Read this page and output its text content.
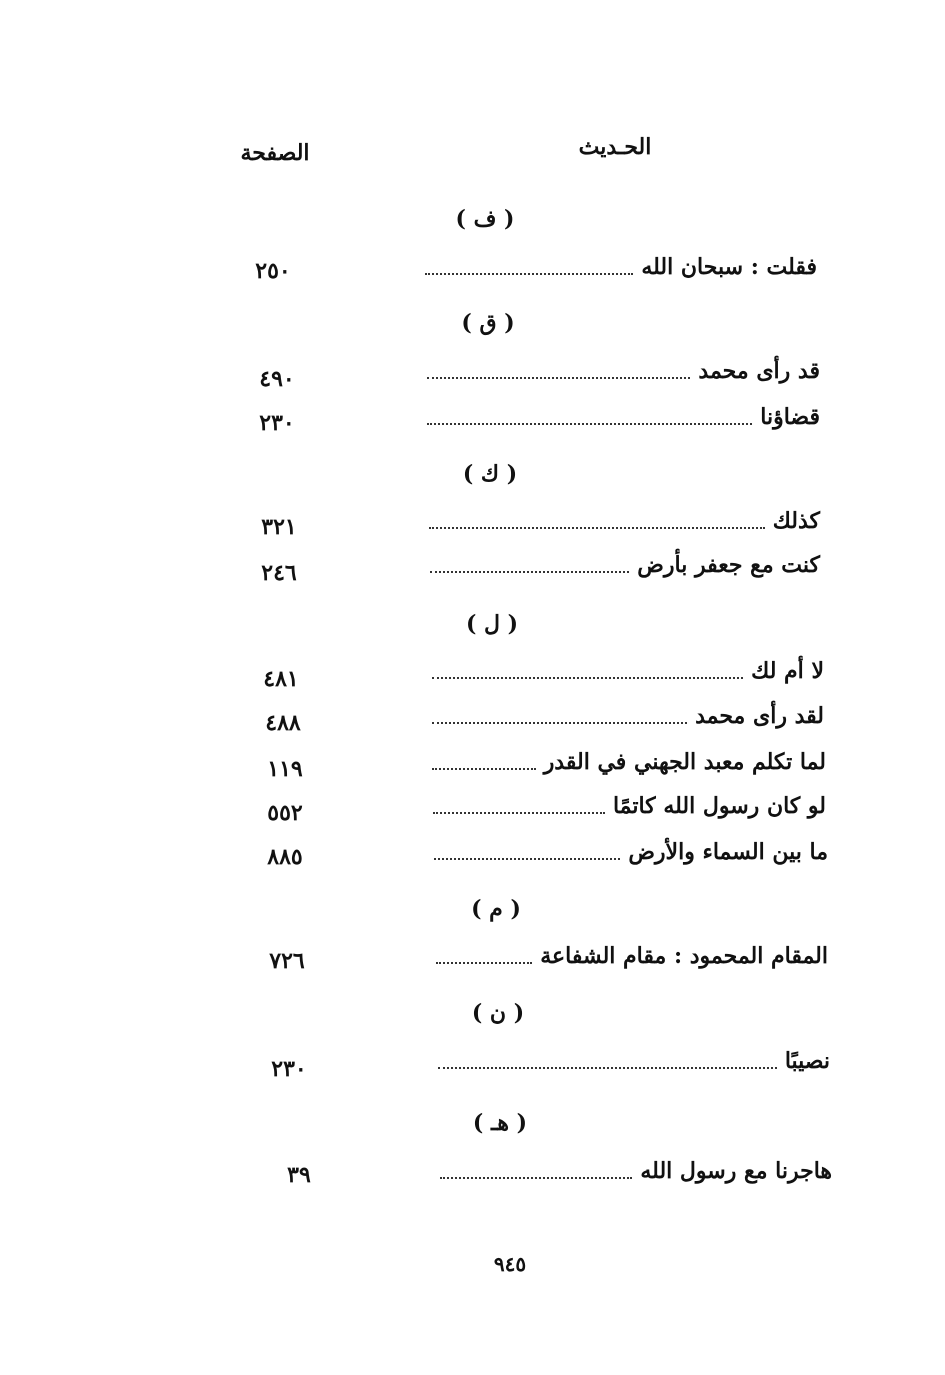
الحـديث
الصفحة
( ف )
فقلت : سبحان الله
٢٥٠
( ق )
قد رأى محمد
٤٩٠
قضاؤنا
٢٣٠
( ك )
كذلك
٣٢١
كنت مع جعفر بأرض
٢٤٦
( ل )
لا أم لك
٤٨١
لقد رأى محمد
٤٨٨
لما تكلم معبد الجهني في القدر
١١٩
لو كان رسول الله كاتمًا
٥٥٢
ما بين السماء والأرض
٨٨٥
( م )
المقام المحمود : مقام الشفاعة
٧٢٦
( ن )
نصيبًا
٢٣٠
( هـ )
هاجرنا مع رسول الله
٣٩
٩٤٥
